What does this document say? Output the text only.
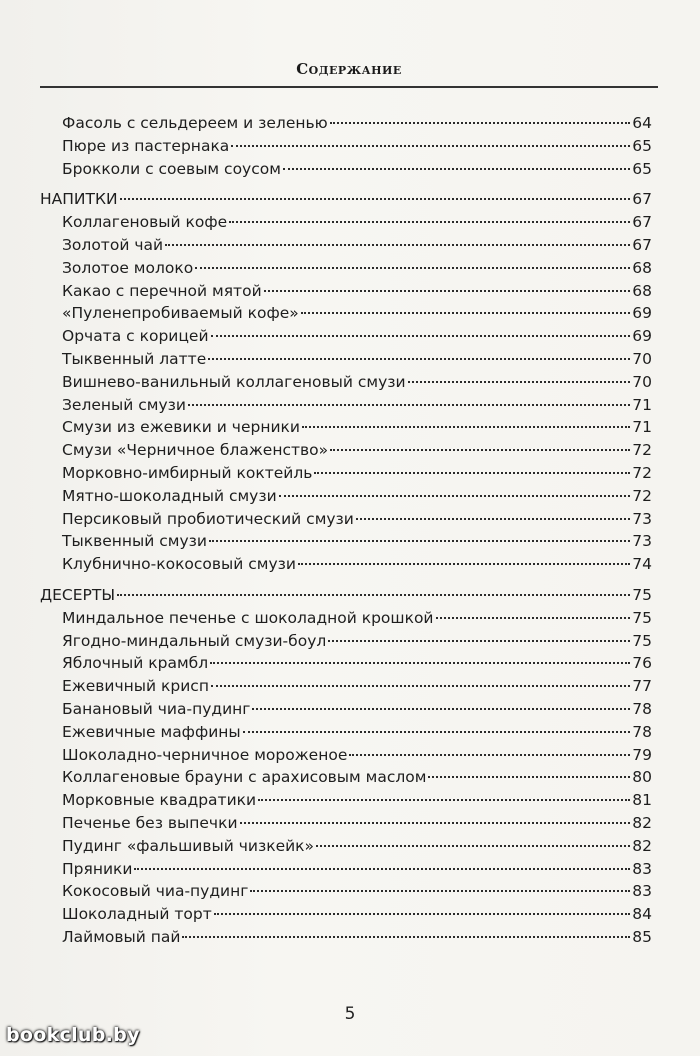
Содержание
Фасоль с сельдереем и зеленью	64
Пюре из пастернака	65
Брокколи с соевым соусом	65
НАПИТКИ	67
Коллагеновый кофе	67
Золотой чай	67
Золотое молоко	68
Какао с перечной мятой	68
«Пуленепробиваемый кофе»	69
Орчата с корицей	69
Тыквенный латте	70
Вишнево-ванильный коллагеновый смузи	70
Зеленый смузи	71
Смузи из ежевики и черники	71
Смузи «Черничное блаженство»	72
Морковно-имбирный коктейль	72
Мятно-шоколадный смузи	72
Персиковый пробиотический смузи	73
Тыквенный смузи	73
Клубнично-кокосовый смузи	74
ДЕСЕРТЫ	75
Миндальное печенье с шоколадной крошкой	75
Ягодно-миндальный смузи-боул	75
Яблочный крамбл	76
Ежевичный крисп	77
Банановый чиа-пудинг	78
Ежевичные маффины	78
Шоколадно-черничное мороженое	79
Коллагеновые брауни с арахисовым маслом	80
Морковные квадратики	81
Печенье без выпечки	82
Пудинг «фальшивый чизкейк»	82
Пряники	83
Кокосовый чиа-пудинг	83
Шоколадный торт	84
Лаймовый пай	85
5
bookclub.by
